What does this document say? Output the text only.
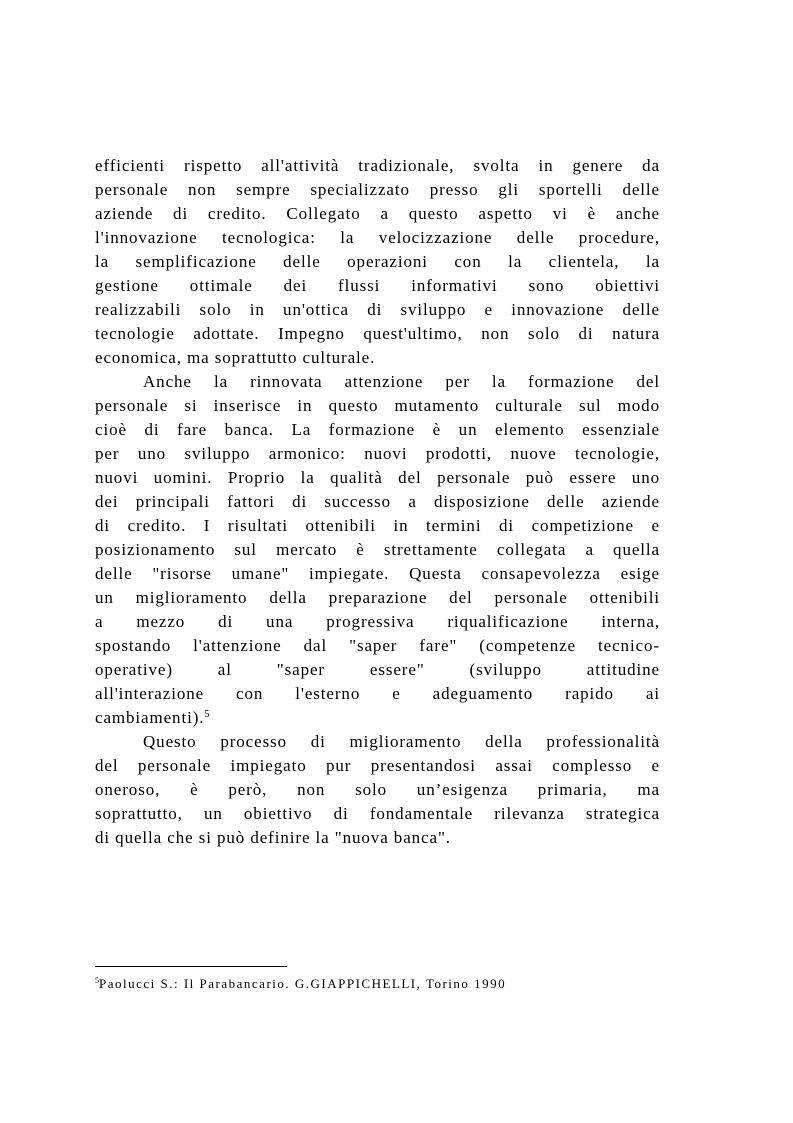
efficienti rispetto all'attività tradizionale, svolta in genere da
personale non sempre specializzato presso gli sportelli delle
aziende di credito. Collegato a questo aspetto vi è anche
l'innovazione tecnologica: la velocizzazione delle procedure,
la semplificazione delle operazioni con la clientela, la
gestione ottimale dei flussi informativi sono obiettivi
realizzabili solo in un'ottica di sviluppo e innovazione delle
tecnologie adottate. Impegno quest'ultimo, non solo di natura
economica, ma soprattutto culturale.
Anche la rinnovata attenzione per la formazione del
personale si inserisce in questo mutamento culturale sul modo
cioè di fare banca. La formazione è un elemento essenziale
per uno sviluppo armonico: nuovi prodotti, nuove tecnologie,
nuovi uomini. Proprio la qualità del personale può essere uno
dei principali fattori di successo a disposizione delle aziende
di credito. I risultati ottenibili in termini di competizione e
posizionamento sul mercato è strettamente collegata a quella
delle "risorse umane" impiegate. Questa consapevolezza esige
un miglioramento della preparazione del personale ottenibili
a mezzo di una progressiva riqualificazione interna,
spostando l'attenzione dal "saper fare" (competenze tecnico-
operative) al "saper essere" (sviluppo attitudine
all'interazione con l'esterno e adeguamento rapido ai
cambiamenti).$^5$
Questo processo di miglioramento della professionalità
del personale impiegato pur presentandosi assai complesso e
oneroso, è però, non solo un’esigenza primaria, ma
soprattutto, un obiettivo di fondamentale rilevanza strategica
di quella che si può definire la "nuova banca".
$^5$Paolucci S.: Il Parabancario. G.GIAPPICHELLI, Torino 1990
